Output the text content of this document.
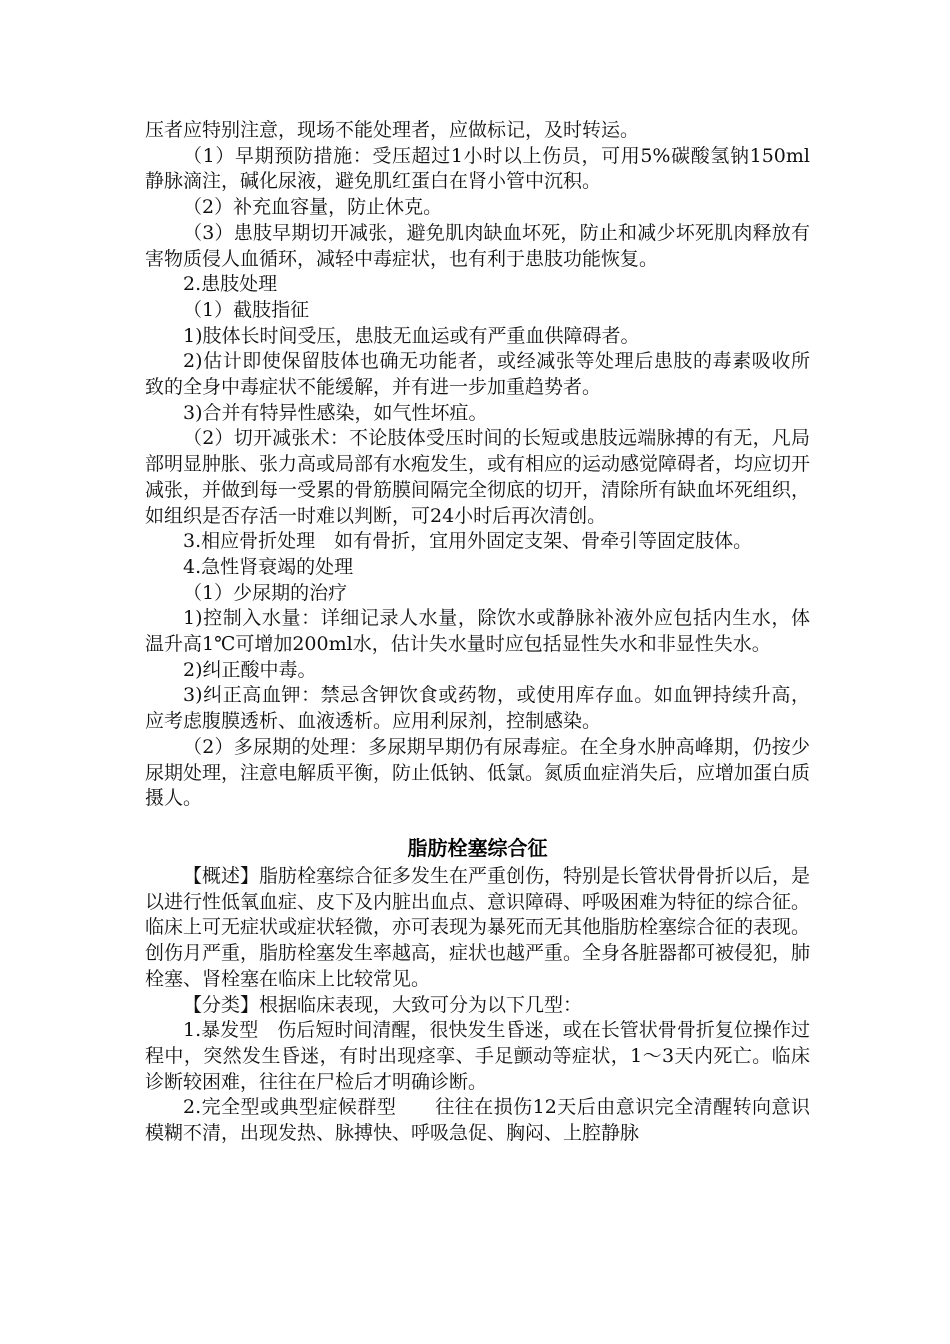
压者应特别注意，现场不能处理者，应做标记，及时转运。

（1）早期预防措施：受压超过1小时以上伤员，可用5%碳酸氢钠150ml静脉滴注，碱化尿液，避免肌红蛋白在肾小管中沉积。

（2）补充血容量，防止休克。

（3）患肢早期切开减张，避免肌肉缺血坏死，防止和减少坏死肌肉释放有害物质侵人血循环，减轻中毒症状，也有利于患肢功能恢复。

2.患肢处理

（1）截肢指征

1)肢体长时间受压，患肢无血运或有严重血供障碍者。

2)估计即使保留肢体也确无功能者，或经减张等处理后患肢的毒素吸收所致的全身中毒症状不能缓解，并有进一步加重趋势者。

3)合并有特异性感染，如气性坏疽。

（2）切开减张术：不论肢体受压时间的长短或患肢远端脉搏的有无，凡局部明显肿胀、张力高或局部有水疱发生，或有相应的运动感觉障碍者，均应切开减张，并做到每一受累的骨筋膜间隔完全彻底的切开，清除所有缺血坏死组织，如组织是否存活一时难以判断，可24小时后再次清创。

3.相应骨折处理　如有骨折，宜用外固定支架、骨牵引等固定肢体。

4.急性肾衰竭的处理

（1）少尿期的治疗

1)控制入水量：详细记录人水量，除饮水或静脉补液外应包括内生水，体温升高1℃可增加200ml水，估计失水量时应包括显性失水和非显性失水。

2)纠正酸中毒。

3)纠正高血钾：禁忌含钾饮食或药物，或使用库存血。如血钾持续升高，应考虑腹膜透析、血液透析。应用利尿剂，控制感染。

（2）多尿期的处理：多尿期早期仍有尿毒症。在全身水肿高峰期，仍按少尿期处理，注意电解质平衡，防止低钠、低氯。氮质血症消失后，应增加蛋白质摄人。

脂肪栓塞综合征

【概述】脂肪栓塞综合征多发生在严重创伤，特别是长管状骨骨折以后，是以进行性低氧血症、皮下及内脏出血点、意识障碍、呼吸困难为特征的综合征。临床上可无症状或症状轻微，亦可表现为暴死而无其他脂肪栓塞综合征的表现。创伤月严重，脂肪栓塞发生率越高，症状也越严重。全身各脏器都可被侵犯，肺栓塞、肾栓塞在临床上比较常见。

【分类】根据临床表现，大致可分为以下几型：

1.暴发型　伤后短时间清醒，很快发生昏迷，或在长管状骨骨折复位操作过程中，突然发生昏迷，有时出现痉挛、手足颤动等症状，1～3天内死亡。临床诊断较困难，往往在尸检后才明确诊断。

2.完全型或典型症候群型　　往往在损伤12天后由意识完全清醒转向意识模糊不清，出现发热、脉搏快、呼吸急促、胸闷、上腔静脉
